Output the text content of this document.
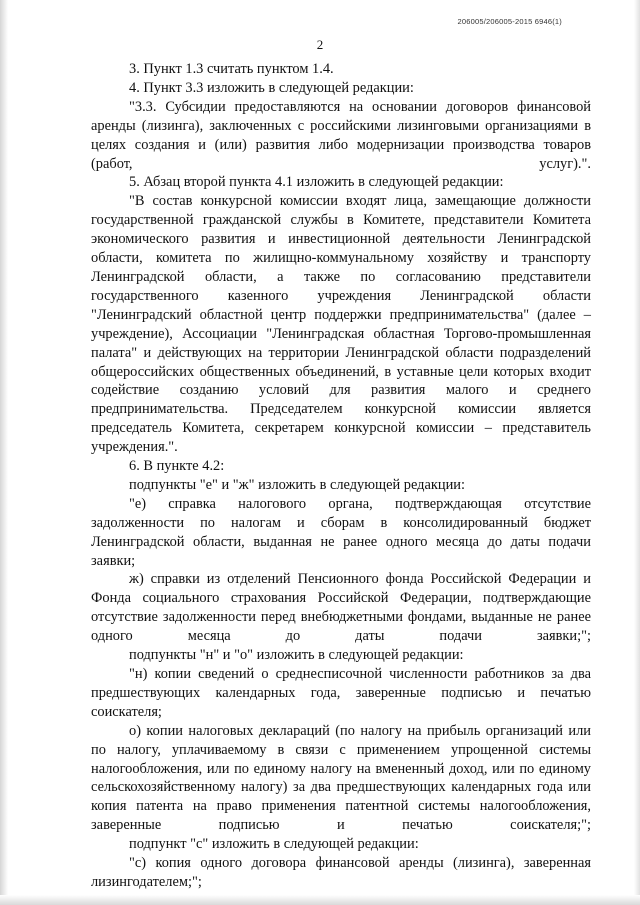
206005/206005-2015 6946(1)
2

3. Пункт 1.3 считать пунктом 1.4.

4. Пункт 3.3 изложить в следующей редакции:

"3.3. Субсидии предоставляются на основании договоров финансовой аренды (лизинга), заключенных с российскими лизинговыми организациями в целях создания и (или) развития либо модернизации производства товаров (работ, услуг).".

5. Абзац второй пункта 4.1 изложить в следующей редакции:

"В состав конкурсной комиссии входят лица, замещающие должности государственной гражданской службы в Комитете, представители Комитета экономического развития и инвестиционной деятельности Ленинградской области, комитета по жилищно-коммунальному хозяйству и транспорту Ленинградской области, а также по согласованию представители государственного казенного учреждения Ленинградской области "Ленинградский областной центр поддержки предпринимательства" (далее – учреждение), Ассоциации "Ленинградская областная Торгово-промышленная палата" и действующих на территории Ленинградской области подразделений общероссийских общественных объединений, в уставные цели которых входит содействие созданию условий для развития малого и среднего предпринимательства. Председателем конкурсной комиссии является председатель Комитета, секретарем конкурсной комиссии – представитель учреждения.".

6. В пункте 4.2:

подпункты "е" и "ж" изложить в следующей редакции:

"е) справка налогового органа, подтверждающая отсутствие задолженности по налогам и сборам в консолидированный бюджет Ленинградской области, выданная не ранее одного месяца до даты подачи заявки;

ж) справки из отделений Пенсионного фонда Российской Федерации и Фонда социального страхования Российской Федерации, подтверждающие отсутствие задолженности перед внебюджетными фондами, выданные не ранее одного месяца до даты подачи заявки;";

подпункты "н" и "о" изложить в следующей редакции:

"н) копии сведений о среднесписочной численности работников за два предшествующих календарных года, заверенные подписью и печатью соискателя;

о) копии налоговых деклараций (по налогу на прибыль организаций или по налогу, уплачиваемому в связи с применением упрощенной системы налогообложения, или по единому налогу на вмененный доход, или по единому сельскохозяйственному налогу) за два предшествующих календарных года или копия патента на право применения патентной системы налогообложения, заверенные подписью и печатью соискателя;";

подпункт "с" изложить в следующей редакции:

"с) копия одного договора финансовой аренды (лизинга), заверенная лизингодателем;";
